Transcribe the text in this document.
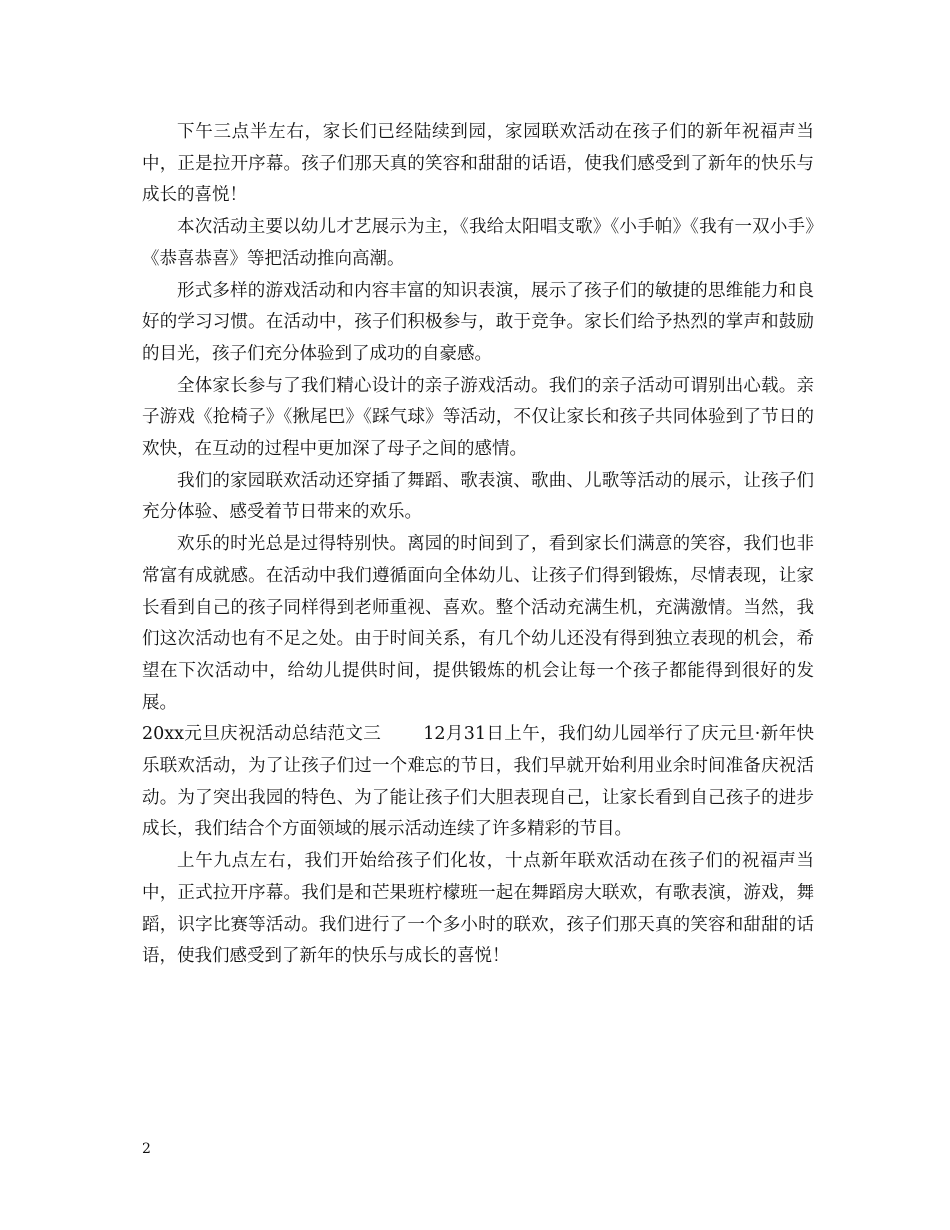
下午三点半左右，家长们已经陆续到园，家园联欢活动在孩子们的新年祝福声当中，正是拉开序幕。孩子们那天真的笑容和甜甜的话语，使我们感受到了新年的快乐与成长的喜悦！

本次活动主要以幼儿才艺展示为主，《我给太阳唱支歌》《小手帕》《我有一双小手》《恭喜恭喜》等把活动推向高潮。

形式多样的游戏活动和内容丰富的知识表演，展示了孩子们的敏捷的思维能力和良好的学习习惯。在活动中，孩子们积极参与，敢于竞争。家长们给予热烈的掌声和鼓励的目光，孩子们充分体验到了成功的自豪感。

全体家长参与了我们精心设计的亲子游戏活动。我们的亲子活动可谓别出心载。亲子游戏《抢椅子》《揪尾巴》《踩气球》等活动，不仅让家长和孩子共同体验到了节日的欢快，在互动的过程中更加深了母子之间的感情。

我们的家园联欢活动还穿插了舞蹈、歌表演、歌曲、儿歌等活动的展示，让孩子们充分体验、感受着节日带来的欢乐。

欢乐的时光总是过得特别快。离园的时间到了，看到家长们满意的笑容，我们也非常富有成就感。在活动中我们遵循面向全体幼儿、让孩子们得到锻炼，尽情表现，让家长看到自己的孩子同样得到老师重视、喜欢。整个活动充满生机，充满激情。当然，我们这次活动也有不足之处。由于时间关系，有几个幼儿还没有得到独立表现的机会，希望在下次活动中，给幼儿提供时间，提供锻炼的机会让每一个孩子都能得到很好的发展。

20xx元旦庆祝活动总结范文三 12月31日上午，我们幼儿园举行了庆元旦·新年快乐联欢活动，为了让孩子们过一个难忘的节日，我们早就开始利用业余时间准备庆祝活动。为了突出我园的特色、为了能让孩子们大胆表现自己，让家长看到自己孩子的进步成长，我们结合个方面领域的展示活动连续了许多精彩的节目。

上午九点左右，我们开始给孩子们化妆，十点新年联欢活动在孩子们的祝福声当中，正式拉开序幕。我们是和芒果班柠檬班一起在舞蹈房大联欢，有歌表演，游戏，舞蹈，识字比赛等活动。我们进行了一个多小时的联欢，孩子们那天真的笑容和甜甜的话语，使我们感受到了新年的快乐与成长的喜悦！

2
